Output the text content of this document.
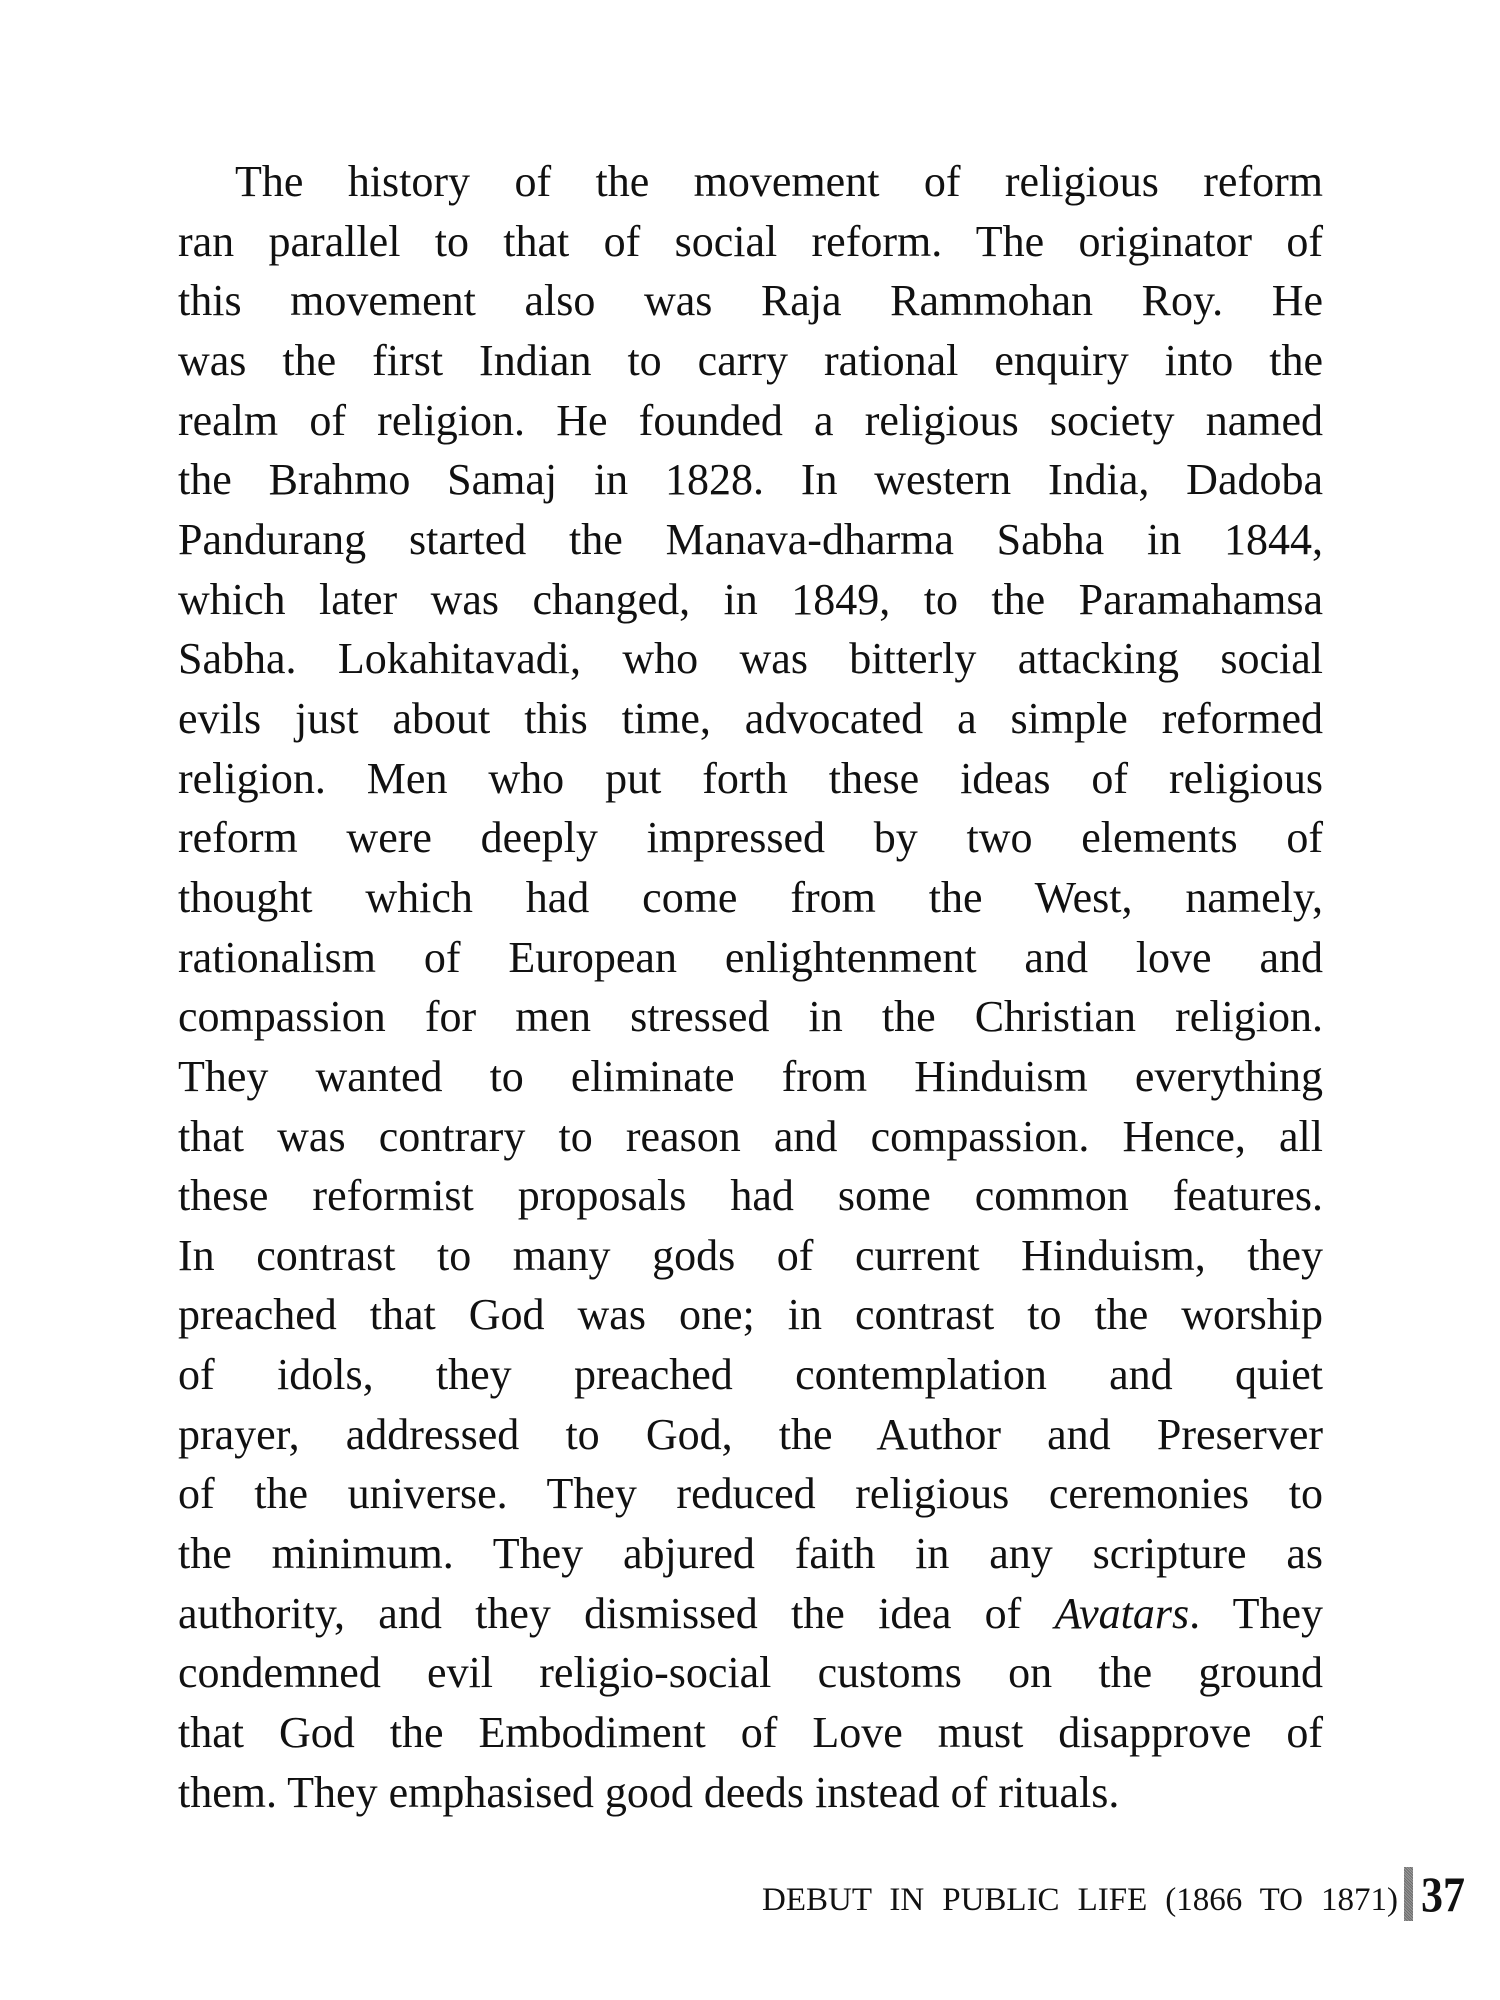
The history of the movement of religious reform
ran parallel to that of social reform. The originator of
this movement also was Raja Rammohan Roy. He
was the first Indian to carry rational enquiry into the
realm of religion. He founded a religious society named
the Brahmo Samaj in 1828. In western India, Dadoba
Pandurang started the Manava-dharma Sabha in 1844,
which later was changed, in 1849, to the Paramahamsa
Sabha. Lokahitavadi, who was bitterly attacking social
evils just about this time, advocated a simple reformed
religion. Men who put forth these ideas of religious
reform were deeply impressed by two elements of
thought which had come from the West, namely,
rationalism of European enlightenment and love and
compassion for men stressed in the Christian religion.
They wanted to eliminate from Hinduism everything
that was contrary to reason and compassion. Hence, all
these reformist proposals had some common features.
In contrast to many gods of current Hinduism, they
preached that God was one; in contrast to the worship
of idols, they preached contemplation and quiet
prayer, addressed to God, the Author and Preserver
of the universe. They reduced religious ceremonies to
the minimum. They abjured faith in any scripture as
authority, and they dismissed the idea of Avatars. They
condemned evil religio-social customs on the ground
that God the Embodiment of Love must disapprove of
them. They emphasised good deeds instead of rituals.
DEBUT IN PUBLIC LIFE (1866 TO 1871) 37
